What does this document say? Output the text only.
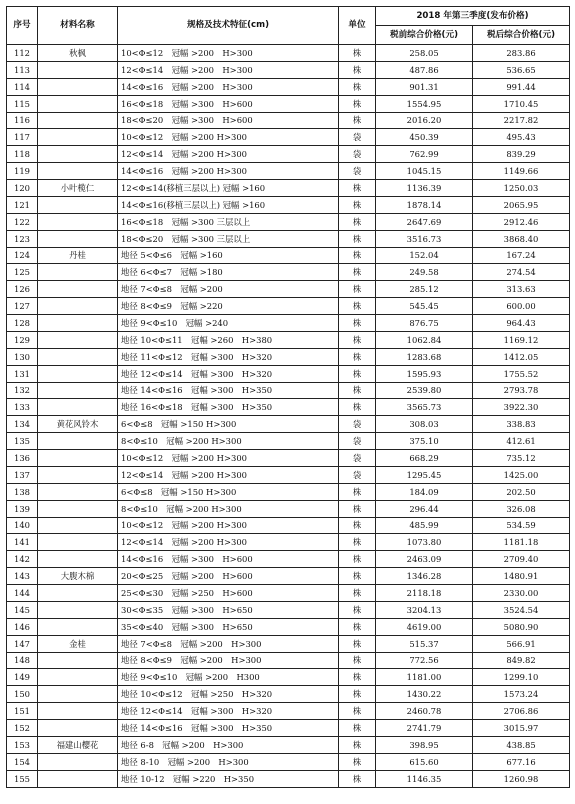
序号	材料名称	规格及技术特征(cm)	单位	2018 年第三季度(发布价格)	
				税前综合价格(元)	税后综合价格(元)
112	秋枫	10<Φ≤12　冠幅 >200　H>300	株	258.05	283.86
113		12<Φ≤14　冠幅 >200　H>300	株	487.86	536.65
114		14<Φ≤16　冠幅 >200　H>300	株	901.31	991.44
115		16<Φ≤18　冠幅 >300　H>600	株	1554.95	1710.45
116		18<Φ≤20　冠幅 >300　H>600	株	2016.20	2217.82
117		10<Φ≤12　冠幅 >200 H>300	袋	450.39	495.43
118		12<Φ≤14　冠幅 >200 H>300	袋	762.99	839.29
119		14<Φ≤16　冠幅 >200 H>300	袋	1045.15	1149.66
120	小叶榄仁	12<Φ≤14(移植三层以上) 冠幅 >160	株	1136.39	1250.03
121		14<Φ≤16(移植三层以上) 冠幅 >160	株	1878.14	2065.95
122		16<Φ≤18　冠幅 >300 三层以上	株	2647.69	2912.46
123		18<Φ≤20　冠幅 >300 三层以上	株	3516.73	3868.40
124	丹桂	地径 5<Φ≤6　冠幅 >160	株	152.04	167.24
125		地径 6<Φ≤7　冠幅 >180	株	249.58	274.54
126		地径 7<Φ≤8　冠幅 >200	株	285.12	313.63
127		地径 8<Φ≤9　冠幅 >220	株	545.45	600.00
128		地径 9<Φ≤10　冠幅 >240	株	876.75	964.43
129		地径 10<Φ≤11　冠幅 >260　H>380	株	1062.84	1169.12
130		地径 11<Φ≤12　冠幅 >300　H>320	株	1283.68	1412.05
131		地径 12<Φ≤14　冠幅 >300　H>320	株	1595.93	1755.52
132		地径 14<Φ≤16　冠幅 >300　H>350	株	2539.80	2793.78
133		地径 16<Φ≤18　冠幅 >300　H>350	株	3565.73	3922.30
134	黄花风铃木	6<Φ≤8　冠幅 >150 H>300	袋	308.03	338.83
135		8<Φ≤10　冠幅 >200 H>300	袋	375.10	412.61
136		10<Φ≤12　冠幅 >200 H>300	袋	668.29	735.12
137		12<Φ≤14　冠幅 >200 H>300	袋	1295.45	1425.00
138		6<Φ≤8　冠幅 >150 H>300	株	184.09	202.50
139		8<Φ≤10　冠幅 >200 H>300	株	296.44	326.08
140		10<Φ≤12　冠幅 >200 H>300	株	485.99	534.59
141		12<Φ≤14　冠幅 >200 H>300	株	1073.80	1181.18
142		14<Φ≤16　冠幅 >300　H>600	株	2463.09	2709.40
143	大腹木棉	20<Φ≤25　冠幅 >200　H>600	株	1346.28	1480.91
144		25<Φ≤30　冠幅 >250　H>600	株	2118.18	2330.00
145		30<Φ≤35　冠幅 >300　H>650	株	3204.13	3524.54
146		35<Φ≤40　冠幅 >300　H>650	株	4619.00	5080.90
147	金桂	地径 7<Φ≤8　冠幅 >200　H>300	株	515.37	566.91
148		地径 8<Φ≤9　冠幅 >200　H>300	株	772.56	849.82
149		地径 9<Φ≤10　冠幅 >200　H300	株	1181.00	1299.10
150		地径 10<Φ≤12　冠幅 >250　H>320	株	1430.22	1573.24
151		地径 12<Φ≤14　冠幅 >300　H>320	株	2460.78	2706.86
152		地径 14<Φ≤16　冠幅 >300　H>350	株	2741.79	3015.97
153	福建山樱花	地径 6-8　冠幅 >200　H>300	株	398.95	438.85
154		地径 8-10　冠幅 >200　H>300	株	615.60	677.16
155		地径 10-12　冠幅 >220　H>350	株	1146.35	1260.98
